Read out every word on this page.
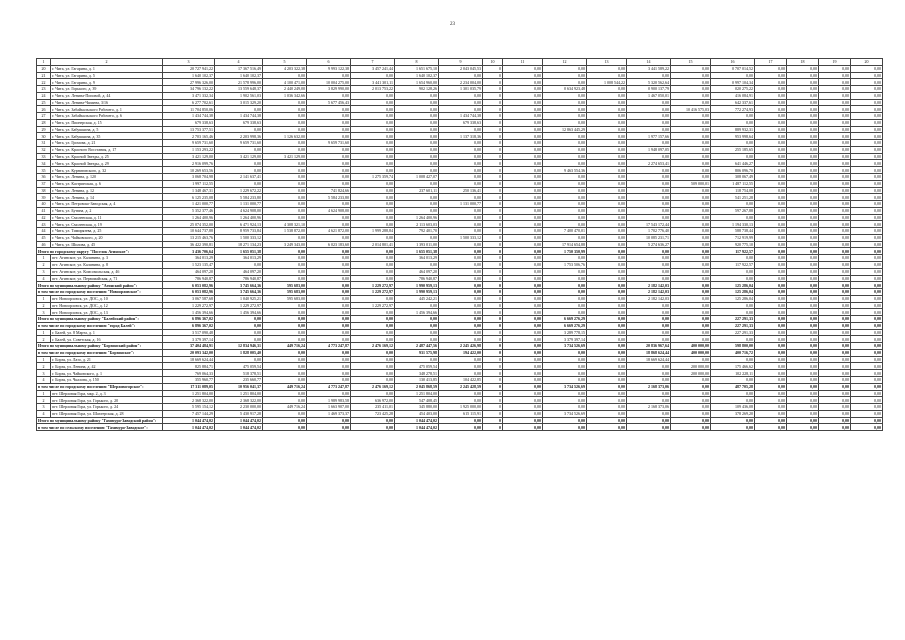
23
1	2	3	4	5	6	7	8	9	10	11	12	13	14	15	16	17	18	19	20
20	г. Чита, ул. Гагарина, д. 1	20 727 941,22	17 367 516,49	4 203 322,38	9 993 122,38	3 457 241,44	1 651 675,10	2 043 045,53	0	0,00	0,00	0,00	3 441 589,22	0,00	0 707 014,52	0,00	0,00	0,00	0,00
21	г. Чита, ул. Гагарина, д. 5	1 640 102,37	1 640 102,37	0,00	0,00	0,00	1 640 102,37	0,00	0	0,00	0,00	0,00	0,00	0,00	0,00	0,00	0,00	0,00	0,00
22	г. Чита, ул. Гагарина, д. 9	27 996 326,00	21 578 996,00	4 100 471,00	10 004 275,00	3 441 301,11	1 654 960,00	2 234 004,00	0	0,00	0,00	1 008 544,22	5 320 562,64	0,00	0 997 104,34	0,00	0,00	0,00	0,00
23	г. Чита, ул. Горького, д. 39	34 796 132,22	13 559 648,37	2 440 249,00	3 829 990,00	2 013 753,22	902 128,26	1 301 035,79	0	0,00	0 634 923,48	0,00	0 900 137,79	0,00	020 275,22	0,00	0,00	0,00	0,00
24	г. Чита, ул. Ленина-Поповой, д. 44	3 471 332,34	1 902 561,03	1 036 342,66	0,00	0,00	0,00	0,00	0	0,00	0,00	0,00	1 467 050,01	0,00	416 084,91	0,00	0,00	0,00	0,00
25	г. Чита, ул. Ленина-Чапаева, 3/16	6 277 702,61	3 015 329,20	0,00	5 677 456,43	0,00	0,00	0,00	0	0,00	0,00	0,00	0,00	0,00	642 337,61	0,00	0,00	0,00	0,00
26	г. Чита, ул. Забайкальского Рабочего, д. 1	11 704 850,06	0,00	0,00	0,00	0,00	0,00	0,00	0	0,00	0,00	0,00	0,00	10 416 575,03	772 274,93	0,00	0,00	0,00	0,00
27	г. Чита, ул. Забайкальского Рабочего, д. 6	1 434 744,38	1 434 744,38	0,00	0,00	0,00	0,00	1 434 744,38	0	0,00	0,00	0,00	0,00	0,00	0,00	0,00	0,00	0,00	0,00
28	г. Чита, ул. Пионерская, д. 15	679 338,63	679 338,63	0,00	0,00	0,00	0,00	679 338,63	0	0,00	0,00	0,00	0,00	0,00	0,00	0,00	0,00	0,00	0,00
29	г. Чита, ул. Бабушкина, д. 5	13 753 377,51	0,00	0,00	0,00	0,00	0,00	0,00	0	0,00	12 863 445,29	0,00	0,00	0,00	889 932,31	0,00	0,00	0,00	0,00
30	г. Чита, ул. Бабушкина, д. 35	2 703 165,46	2 203 998,36	1 126 632,00	0,00	0,00	0,00	1 137 318,36	0	0,00	0,00	0,00	1 977 157,66	0,00	953 998,64	0,00	0,00	0,00	0,00
31	г. Чита, ул. Громова, д. 21	9 659 731,60	9 659 731,60	0,00	9 659 731,60	0,00	0,00	0,00	0	0,00	0,00	0,00	0,00	0,00	0,00	0,00	0,00	0,00	0,00
32	г. Чита, ул. Красного Восстания, д. 17	1 153 293,22	0,00	0,00	0,00	0,00	0,00	0,00	0	0,00	0,00	0,00	1 948 097,05	0,00	255 185,65	0,00	0,00	0,00	0,00
33	г. Чита, ул. Красной Звезды, д. 25	3 421 129,00	3 421 129,00	3 421 129,00	0,00	0,00	0,00	0,00	0	0,00	0,00	0,00	0,00	0,00	0,00	0,00	0,00	0,00	0,00
34	г. Чита, ул. Красной Звезды, д. 29	2 916 099,76	0,00	0,00	0,00	0,00	0,00	0,00	0	0,00	0,00	0,00	2 274 653,41	0,00	641 446,27	0,00	0,00	0,00	0,00
35	г. Чита, ул. Курнатовского, д. 32	10 269 653,56	0,00	0,00	0,00	0,00	0,00	0,00	0	0,00	9 463 554,36	0,00	0,00	0,00	806 096,70	0,00	0,00	0,00	0,00
36	г. Чита, ул. Ленина, д. 120	3 068 704,98	2 141 637,41	0,00	0,00	1 275 359,74	1 008 427,07	0,00	0	0,00	0,00	0,00	0,00	0,00	308 067,49	0,00	0,00	0,00	0,00
37	г. Чита, ул. Кастринская, д. 6	1 997 112,55	0,00	0,00	0,00	0,00	0,00	0,00	0	0,00	0,00	0,00	0,00	509 000,01	1 487 112,55	0,00	0,00	0,00	0,00
38	г. Чита, ул. Ленина, д. 12	1 348 467,31	1 229 672,22	0,00	741 824,66	0,00	237 601,11	250 136,41	0	0,00	0,00	0,00	0,00	0,00	118 754,08	0,00	0,00	0,00	0,00
39	г. Чита, ул. Ленина, д. 14	6 125 235,08	5 584 233,80	0,00	5 584 233,80	0,00	0,00	0,00	0	0,00	0,00	0,00	0,00	0,00	541 251,28	0,00	0,00	0,00	0,00
40	г. Чита, ул. Петровско-Заводская, д. 4	1 421 000,77	1 131 000,77	0,00	0,00	0,00	0,00	1 131 000,77	0	0,00	0,00	0,00	0,00	0,00	0,00	0,00	0,00	0,00	0,00
41	г. Чита, ул. Бутина, д. 2	5 352 377,46	4 624 908,00	0,00	4 624 908,00	0,00	0,00	0,00	0	0,00	0,00	0,00	0,00	0,00	597 267,88	0,00	0,00	0,00	0,00
42	г. Чита, ул. Смоленская, д. 11	1 264 400,96	1 264 400,96	0,00	0,00	0,00	1 264 400,96	0,00	0	0,00	0,00	0,00	0,00	0,00	0,00	0,00	0,00	0,00	0,00
43	г. Чита, ул. Смоленская, д. 19	25 074 352,00	6 471 924,13	4 308 321,10	0,00	0,00	2 113 603,03	0,00	0	0,00	0,00	0,00	17 543 172,44	0,00	1 194 330,13	0,00	0,00	0,00	0,00
44	г. Чита, ул. Тимирязева, д. 25	10 644 737,88	8 959 733,84	1 538 872,00	4 621 872,00	1 999 288,84	792 401,70	0,00	0	0,00	7 400 470,01	0,00	1 702 776,40	0,00	588 738,44	0,00	0,00	0,00	0,00
45	г. Чита, ул. Чайковского, д. 20	13 215 463,76	1 500 333,12	0,00	0,00	0,00	0,00	1 500 333,12	0	0,00	0,00	0,00	10 085 231,71	0,00	712 919,99	0,00	0,00	0,00	0,00
46	г. Чита, ул. Шилова, д. 45	36 422 390,81	18 271 134,23	3 249 343,00	6 023 183,60	2 014 801,41	1 393 011,00	0,00	0	0,00	17 914 654,88	0,00	5 274 636,27	0,00	920 775,10	0,00	0,00	0,00	0,00
Итого по городскому округу "Поселок Агинское":		3 436 706,64	1 655 051,38	0,00	0,00	0,00	1 655 051,38	0,00	0	0,00	1 750 350,99	0,00	0,00	0,00	117 922,57	0,00	0,00	0,00	0,00
1	пгт. Агинское, ул. Калинина, д. 3	364 013,29	364 013,29	0,00	0,00	0,00	364 013,29	0,00	0	0,00	0,00	0,00	0,00	0,00	0,00	0,00	0,00	0,00	0,00
2	пгт. Агинское, ул. Калинина, д. 8	1 523 135,47	0,00	0,00	0,00	0,00	0,00	0,00	0	0,00	1 753 506,76	0,00	0,00	0,00	117 922,57	0,00	0,00	0,00	0,00
3	пгт. Агинское, ул. Комсомольская, д. 46	464 097,20	464 097,20	0,00	0,00	0,00	464 097,20	0,00	0	0,00	0,00	0,00	0,00	0,00	0,00	0,00	0,00	0,00	0,00
4	пгт. Агинское, ул. Первомайская, д. 71	786 940,87	786 940,87	0,00	0,00	0,00	786 940,87	0,00	0	0,00	0,00	0,00	0,00	0,00	0,00	0,00	0,00	0,00	0,00
Итого по муниципальному району "Агинский район":		6 053 082,96	3 745 664,36	595 683,00	0,00	1 229 272,97	1 990 959,13	0,00	0	0,00	0,00	0,00	2 182 142,03	0,00	125 286,04	0,00	0,00	0,00	0,00
в том числе по городскому поселению "Новоорловское":		6 053 082,96	3 745 664,36	595 683,00	0,00	1 229 272,97	1 990 959,13	0,00	0	0,00	0,00	0,00	2 182 142,03	0,00	125 286,04	0,00	0,00	0,00	0,00
1	пгт. Новоорловск, ул. ДОС, д. 10	3 067 587,68	1 040 925,21	595 683,00	0,00	0,00	445 242,21	0,00	0	0,00	0,00	0,00	2 182 142,03	0,00	125 286,04	0,00	0,00	0,00	0,00
2	пгт. Новоорловск, ул. ДОС, д. 12	1 229 272,97	1 229 272,97	0,00	0,00	1 229 272,97	0,00	0,00	0	0,00	0,00	0,00	0,00	0,00	0,00	0,00	0,00	0,00	0,00
3	пгт. Новоорловск, ул. ДОС, д. 13	1 456 394,66	1 456 394,66	0,00	0,00	0,00	1 456 394,66	0,00	0	0,00	0,00	0,00	0,00	0,00	0,00	0,00	0,00	0,00	0,00
Итого по муниципальному району "Балейский район":		6 896 367,02	0,00	0,00	0,00	0,00	0,00	0,00	0	0,00	6 669 276,29	0,00	0,00	0,00	227 291,33	0,00	0,00	0,00	0,00
в том числе по городскому поселению "город Балей":		6 896 367,02	0,00	0,00	0,00	0,00	0,00	0,00	0	0,00	6 669 276,29	0,00	0,00	0,00	227 291,33	0,00	0,00	0,00	0,00
1	г. Балей, ул. 8 Марта, д. 1	3 517 090,48	0,00	0,00	0,00	0,00	0,00	0,00	0	0,00	3 289 778,15	0,00	0,00	0,00	227 291,33	0,00	0,00	0,00	0,00
2	г. Балей, ул. Советская, д. 16	3 379 397,14	0,00	0,00	0,00	0,00	0,00	0,00	0	0,00	3 379 397,14	0,00	0,00	0,00	0,00	0,00	0,00	0,00	0,00
Итого по муниципальному району "Борзинский район":		37 404 484,91	12 834 946,31	449 716,24	4 773 247,87	2 476 169,12	2 487 447,56	2 245 426,98	0	0,00	3 734 526,69	0,00	20 836 967,64	400 000,00	598 800,00	0,00	0,00	0,00	0,00
в том числе по городскому поселению "Борзинское":		20 093 342,00	1 828 005,40	0,00	0,00	0,00	931 575,98	194 422,00	0	0,00	0,00	0,00	18 868 624,44	400 000,00	400 716,72	0,00	0,00	0,00	0,00
1	г. Борзя, ул. Лазо, д. 21	18 669 624,44	0,00	0,00	0,00	0,00	0,00	0,00	0	0,00	0,00	0,00	18 669 624,44	0,00	0,00	0,00	0,00	0,00	0,00
2	г. Борзя, ул. Ленина, д. 42	825 884,71	475 059,54	0,00	0,00	0,00	475 059,54	0,00	0	0,00	0,00	0,00	0,00	200 000,00	175 466,62	0,00	0,00	0,00	0,00
3	г. Борзя, ул. Чайковского, д. 1	769 064,33	518 378,51	0,00	0,00	0,00	348 278,51	0,00	0	0,00	0,00	0,00	0,00	200 000,00	102 228,11	0,00	0,00	0,00	0,00
4	г. Борзя, ул. Чкалова, д. 150	355 960,77	235 660,77	0,00	0,00	0,00	130 413,85	104 422,85	0	0,00	0,00	0,00	0,00	0,00	0,00	0,00	0,00	0,00	0,00
в том числе по городскому поселению "Шерловогорское":		17 311 089,05	10 956 041,37	449 716,24	4 773 247,87	2 476 169,12	2 045 868,59	2 245 428,59	0	0,00	3 734 526,69	0,00	2 168 373,06	0,00	487 705,28	0,00	0,00	0,00	0,00
1	пгт. Шерловая Гора, мкр. 2, д. 3	1 251 804,00	1 251 804,00	0,00	0,00	0,00	1 251 804,00	0,00	0	0,00	0,00	0,00	0,00	0,00	0,00	0,00	0,00	0,00	0,00
2	пгт. Шерловая Гора, ул. Горького, д. 20	2 368 322,00	2 368 322,00	0,00	1 989 983,58	636 972,00	547 408,45	0,00	0	0,00	0,00	0,00	0,00	0,00	0,00	0,00	0,00	0,00	0,00
3	пгт. Шерловая Гора, ул. Горького, д. 24	5 595 154,12	2 230 000,00	449 716,24	1 663 907,00	235 411,01	345 880,00	1 925 000,00	0	0,00	0,00	0,00	2 168 373,06	0,00	109 436,08	0,00	0,00	0,00	0,00
4	пгт. Шерловая Гора, ул. Шахтерская, д. 28	7 457 144,29	5 430 917,28	0,00	1 469 373,37	723 425,28	454 403,00	615 115,91	0	0,00	3 734 526,69	0,00	0,00	0,00	378 269,20	0,00	0,00	0,00	0,00
Итого по муниципальному району "Газимуро-Заводский район":		1 044 474,02	1 044 474,02	0,00	0,00	0,00	1 044 474,02	0,00	0	0,00	0,00	0,00	0,00	0,00	0,00	0,00	0,00	0,00	0,00
в том числе по сельскому поселению "Газимуро-Заводское":		1 044 474,02	1 044 474,02	0,00	0,00	0,00	1 044 474,02	0,00	0	0,00	0,00	0,00	0,00	0,00	0,00	0,00	0,00	0,00	0,00
